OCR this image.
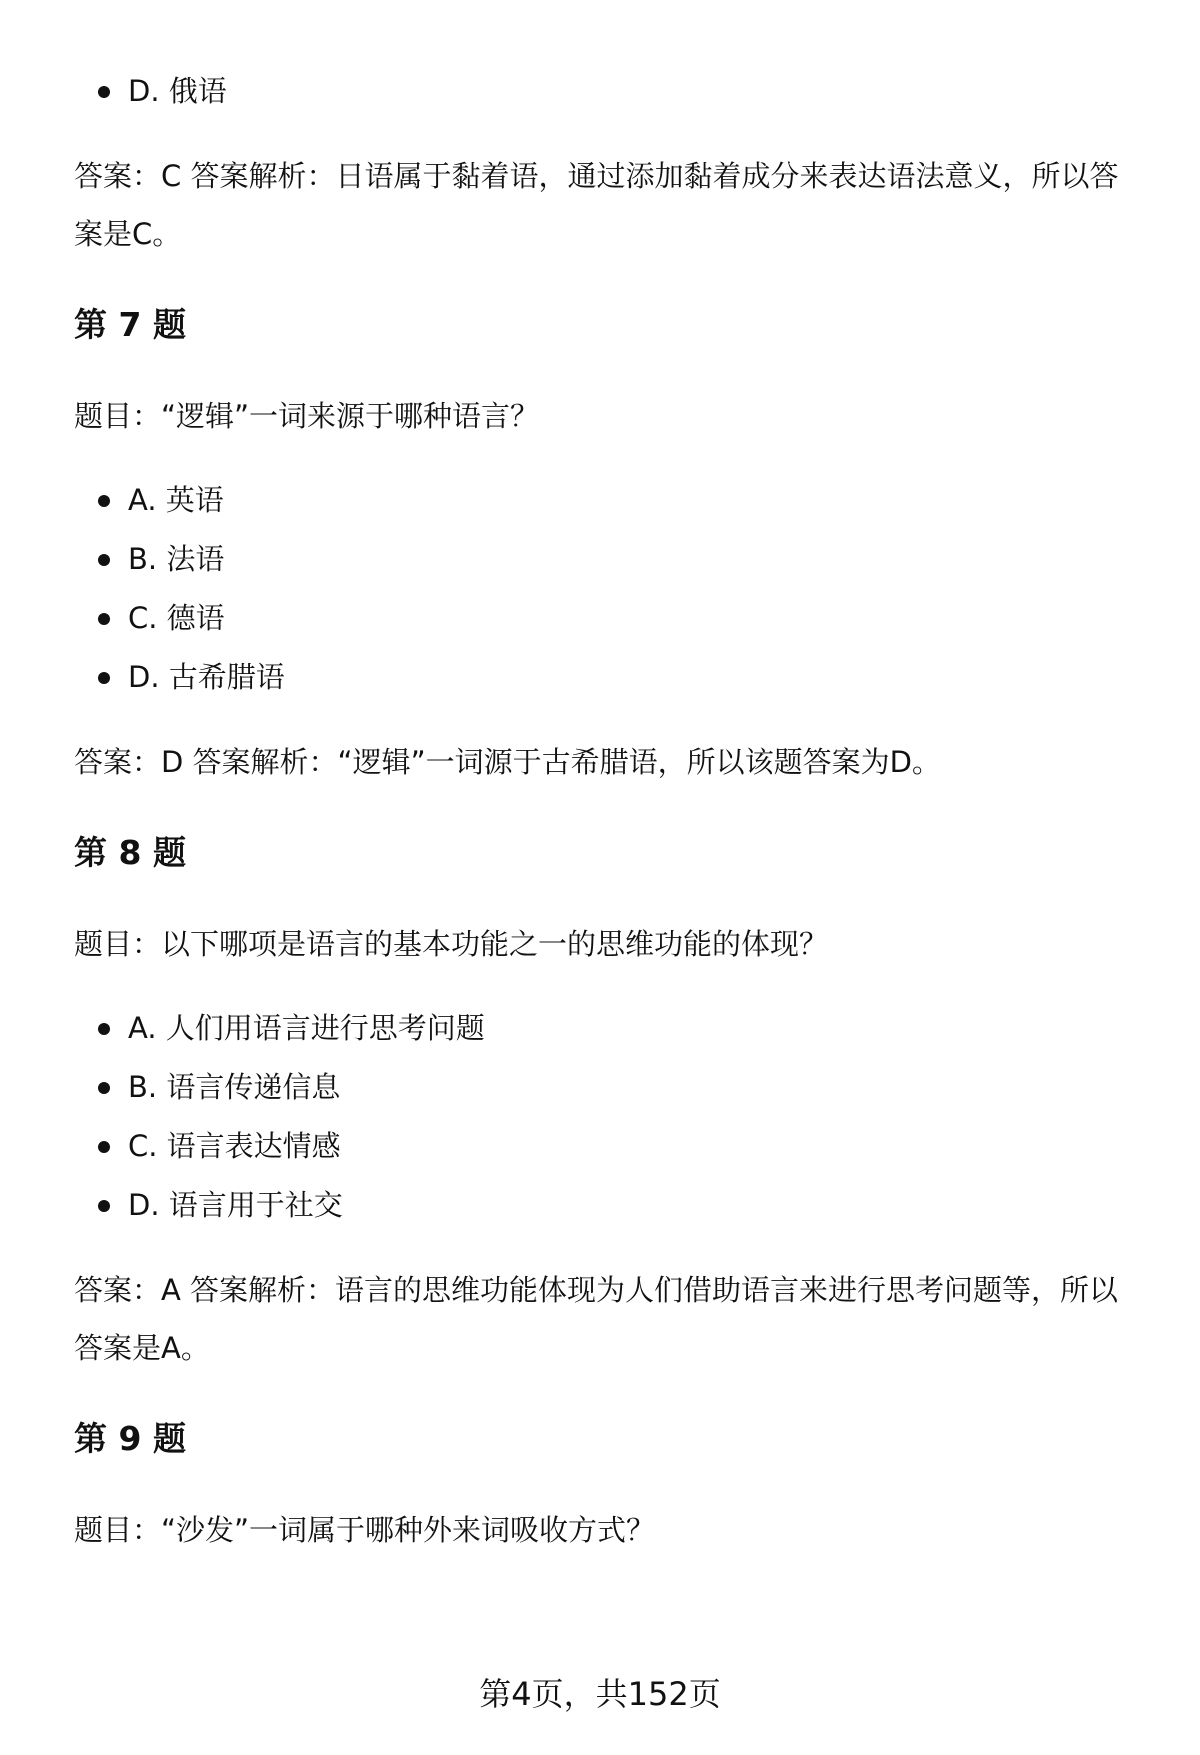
D. 俄语

答案：C 答案解析：日语属于黏着语，通过添加黏着成分来表达语法意义，所以答

案是C。

第 7 题

题目：“逻辑”一词来源于哪种语言？

A. 英语
B. 法语
C. 德语
D. 古希腊语

答案：D 答案解析：“逻辑”一词源于古希腊语，所以该题答案为D。

第 8 题

题目：以下哪项是语言的基本功能之一的思维功能的体现？

A. 人们用语言进行思考问题
B. 语言传递信息
C. 语言表达情感
D. 语言用于社交

答案：A 答案解析：语言的思维功能体现为人们借助语言来进行思考问题等，所以

答案是A。

第 9 题

题目：“沙发”一词属于哪种外来词吸收方式？

第4页，共152页
